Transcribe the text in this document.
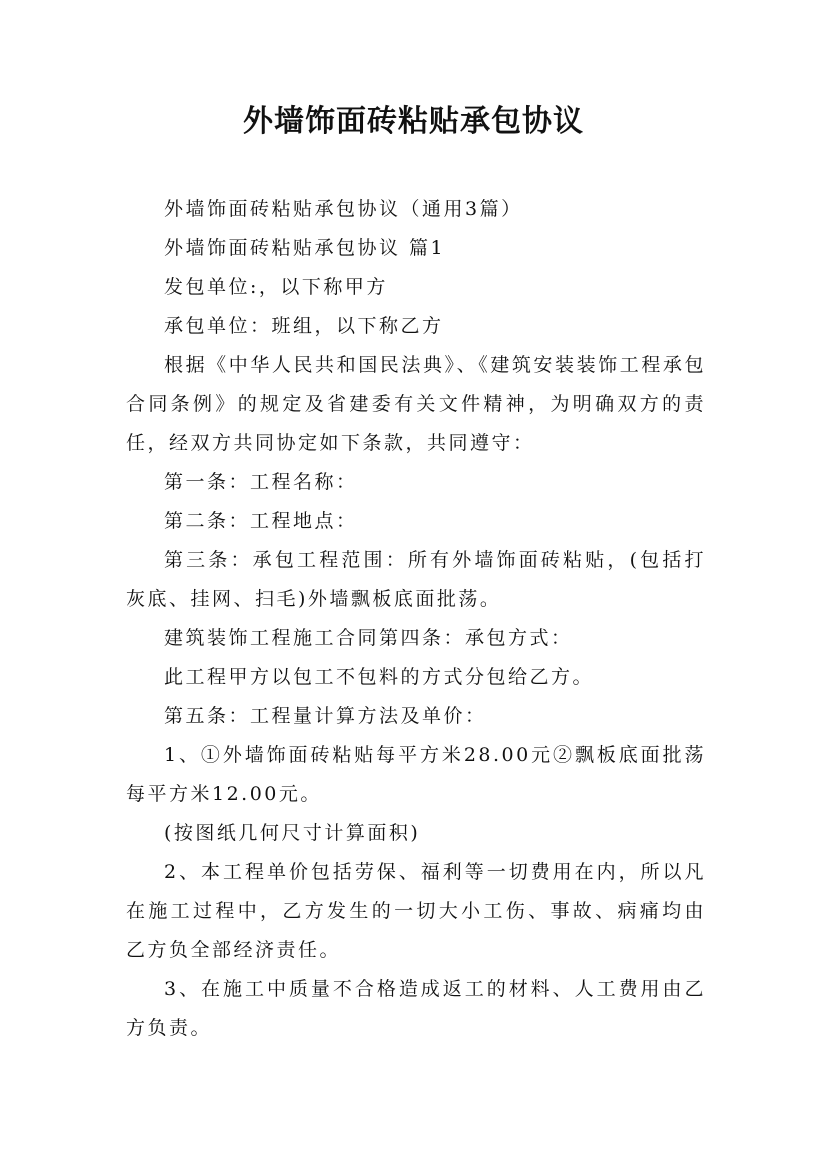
外墙饰面砖粘贴承包协议

外墙饰面砖粘贴承包协议（通用3篇）

外墙饰面砖粘贴承包协议 篇1

发包单位:，以下称甲方

承包单位：班组，以下称乙方

根据《中华人民共和国民法典》、《建筑安装装饰工程承包合同条例》的规定及省建委有关文件精神，为明确双方的责任，经双方共同协定如下条款，共同遵守：

第一条：工程名称：

第二条：工程地点：

第三条：承包工程范围：所有外墙饰面砖粘贴，(包括打灰底、挂网、扫毛)外墙飘板底面批荡。

建筑装饰工程施工合同第四条：承包方式：

此工程甲方以包工不包料的方式分包给乙方。

第五条：工程量计算方法及单价：

1、①外墙饰面砖粘贴每平方米28.00元②飘板底面批荡每平方米12.00元。

(按图纸几何尺寸计算面积)

2、本工程单价包括劳保、福利等一切费用在内，所以凡在施工过程中，乙方发生的一切大小工伤、事故、病痛均由乙方负全部经济责任。

3、在施工中质量不合格造成返工的材料、人工费用由乙方负责。
